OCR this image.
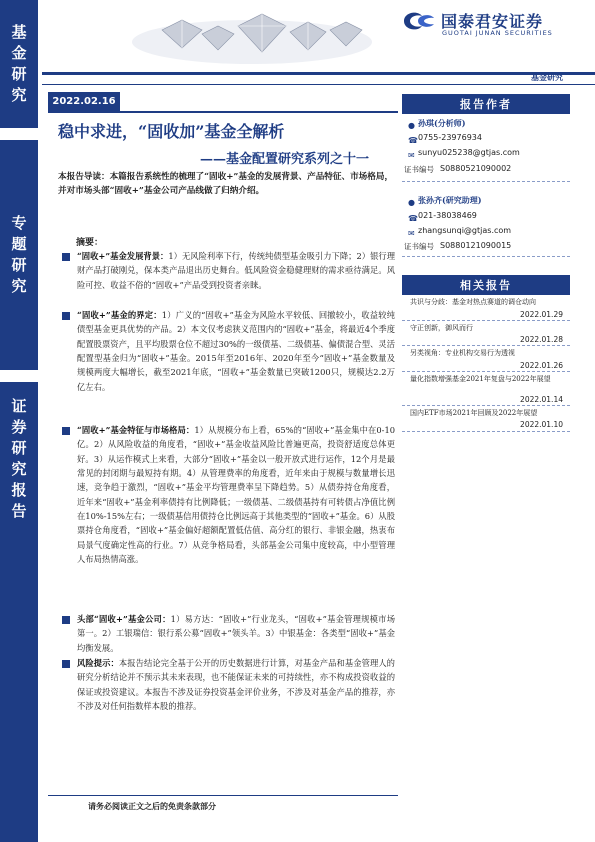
基
金
研
究
专
题
研
究
证
券
研
究
报
告
国泰君安证券
GUOTAI JUNAN SECURITIES
基金研究
2022.02.16
稳中求进，“固收加”基金全解析
——基金配置研究系列之十一
本报告导读：本篇报告系统性的梳理了“固收+”基金的发展背景、产品特征、市场格局，并对市场头部“固收+”基金公司产品线做了归纳介绍。
摘要：
“固收+”基金发展背景：1）无风险利率下行，传统纯债型基金吸引力下降；2）银行理财产品打破刚兑，保本类产品退出历史舞台。低风险资金稳健理财的需求亟待满足。风险可控、收益不俗的“固收+”产品受到投资者亲睐。
“固收+”基金的界定：1）广义的“固收+”基金为风险水平较低、回撤较小，收益较纯债型基金更具优势的产品。2）本文仅考虑狭义范围内的“固收+”基金，将最近4个季度配置股票资产，且平均股票仓位不超过30%的一级债基、二级债基、偏债混合型、灵活配置型基金归为“固收+”基金。2015年至2016年、2020年至今“固收+”基金数量及规模两度大幅增长，截至2021年底，“固收+”基金数量已突破1200只，规模达2.2万亿左右。
“固收+”基金特征与市场格局：1）从规模分布上看，65%的“固收+”基金集中在0-10亿。2）从风险收益的角度看，“固收+”基金收益风险比普遍更高，投资舒适度总体更好。3）从运作模式上来看，大部分“固收+”基金以一般开放式进行运作，12个月是最常见的封闭期与最短持有期。4）从管理费率的角度看，近年来由于规模与数量增长迅速，竞争趋于激烈，“固收+”基金平均管理费率呈下降趋势。5）从债券持仓角度看，近年来“固收+”基金利率债持有比例降低；一级债基、二级债基持有可转债占净值比例在10%-15%左右；一级债基信用债持仓比例远高于其他类型的“固收+”基金。6）从股票持仓角度看，“固收+”基金偏好超额配置低估值、高分红的银行、非银金融，热衷布局景气度确定性高的行业。7）从竞争格局看，头部基金公司集中度较高，中小型管理人布局热情高涨。
头部“固收+”基金公司：1）易方达：“固收+”行业龙头，“固收+”基金管理规模市场第一。2）工银瑞信：银行系公募“固收+”领头羊。3）中银基金：各类型“固收+”基金均衡发展。
风险提示：本报告结论完全基于公开的历史数据进行计算，对基金产品和基金管理人的研究分析结论并不预示其未来表现，也不能保证未来的可持续性，亦不构成投资收益的保证或投资建议。本报告不涉及证券投资基金评价业务，不涉及对基金产品的推荐，亦不涉及对任何指数样本股的推荐。
请务必阅读正文之后的免责条款部分
报告作者
● 孙琪(分析师)
☎ 0755-23976934
✉ sunyu025238@gtjas.com
证书编号 S0880521090002
● 张孙齐(研究助理)
☎ 021-38038469
✉ zhangsunqi@gtjas.com
证书编号 S0880121090015
相关报告
共识与分歧：基金对热点赛道的调仓动向
2022.01.29
守正创新，御风而行
2022.01.28
另类视角：专业机构交易行为透视
2022.01.26
量化指数增强基金2021年复盘与2022年展望
2022.01.14
国内ETF市场2021年回顾及2022年展望
2022.01.10
